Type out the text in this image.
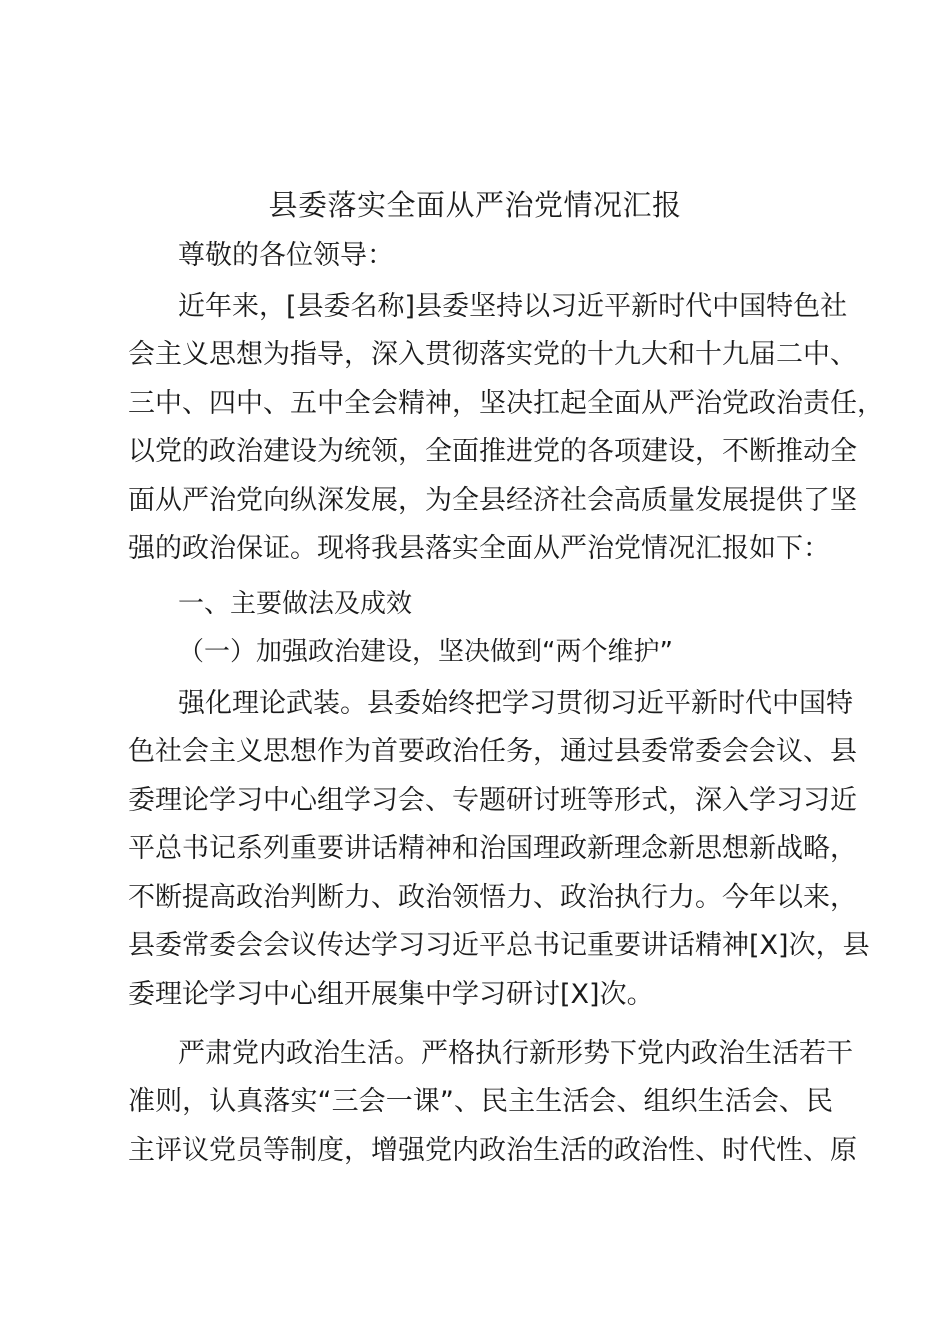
县委落实全面从严治党情况汇报

尊敬的各位领导：

近年来，[县委名称]县委坚持以习近平新时代中国特色社

会主义思想为指导，深入贯彻落实党的十九大和十九届二中、

三中、四中、五中全会精神，坚决扛起全面从严治党政治责任，

以党的政治建设为统领，全面推进党的各项建设，不断推动全

面从严治党向纵深发展，为全县经济社会高质量发展提供了坚

强的政治保证。现将我县落实全面从严治党情况汇报如下：

一、主要做法及成效

（一）加强政治建设，坚决做到“两个维护”

强化理论武装。县委始终把学习贯彻习近平新时代中国特

色社会主义思想作为首要政治任务，通过县委常委会会议、县

委理论学习中心组学习会、专题研讨班等形式，深入学习习近

平总书记系列重要讲话精神和治国理政新理念新思想新战略，

不断提高政治判断力、政治领悟力、政治执行力。今年以来，

县委常委会会议传达学习习近平总书记重要讲话精神[X]次，县

委理论学习中心组开展集中学习研讨[X]次。

严肃党内政治生活。严格执行新形势下党内政治生活若干

准则，认真落实“三会一课”、民主生活会、组织生活会、民

主评议党员等制度，增强党内政治生活的政治性、时代性、原
